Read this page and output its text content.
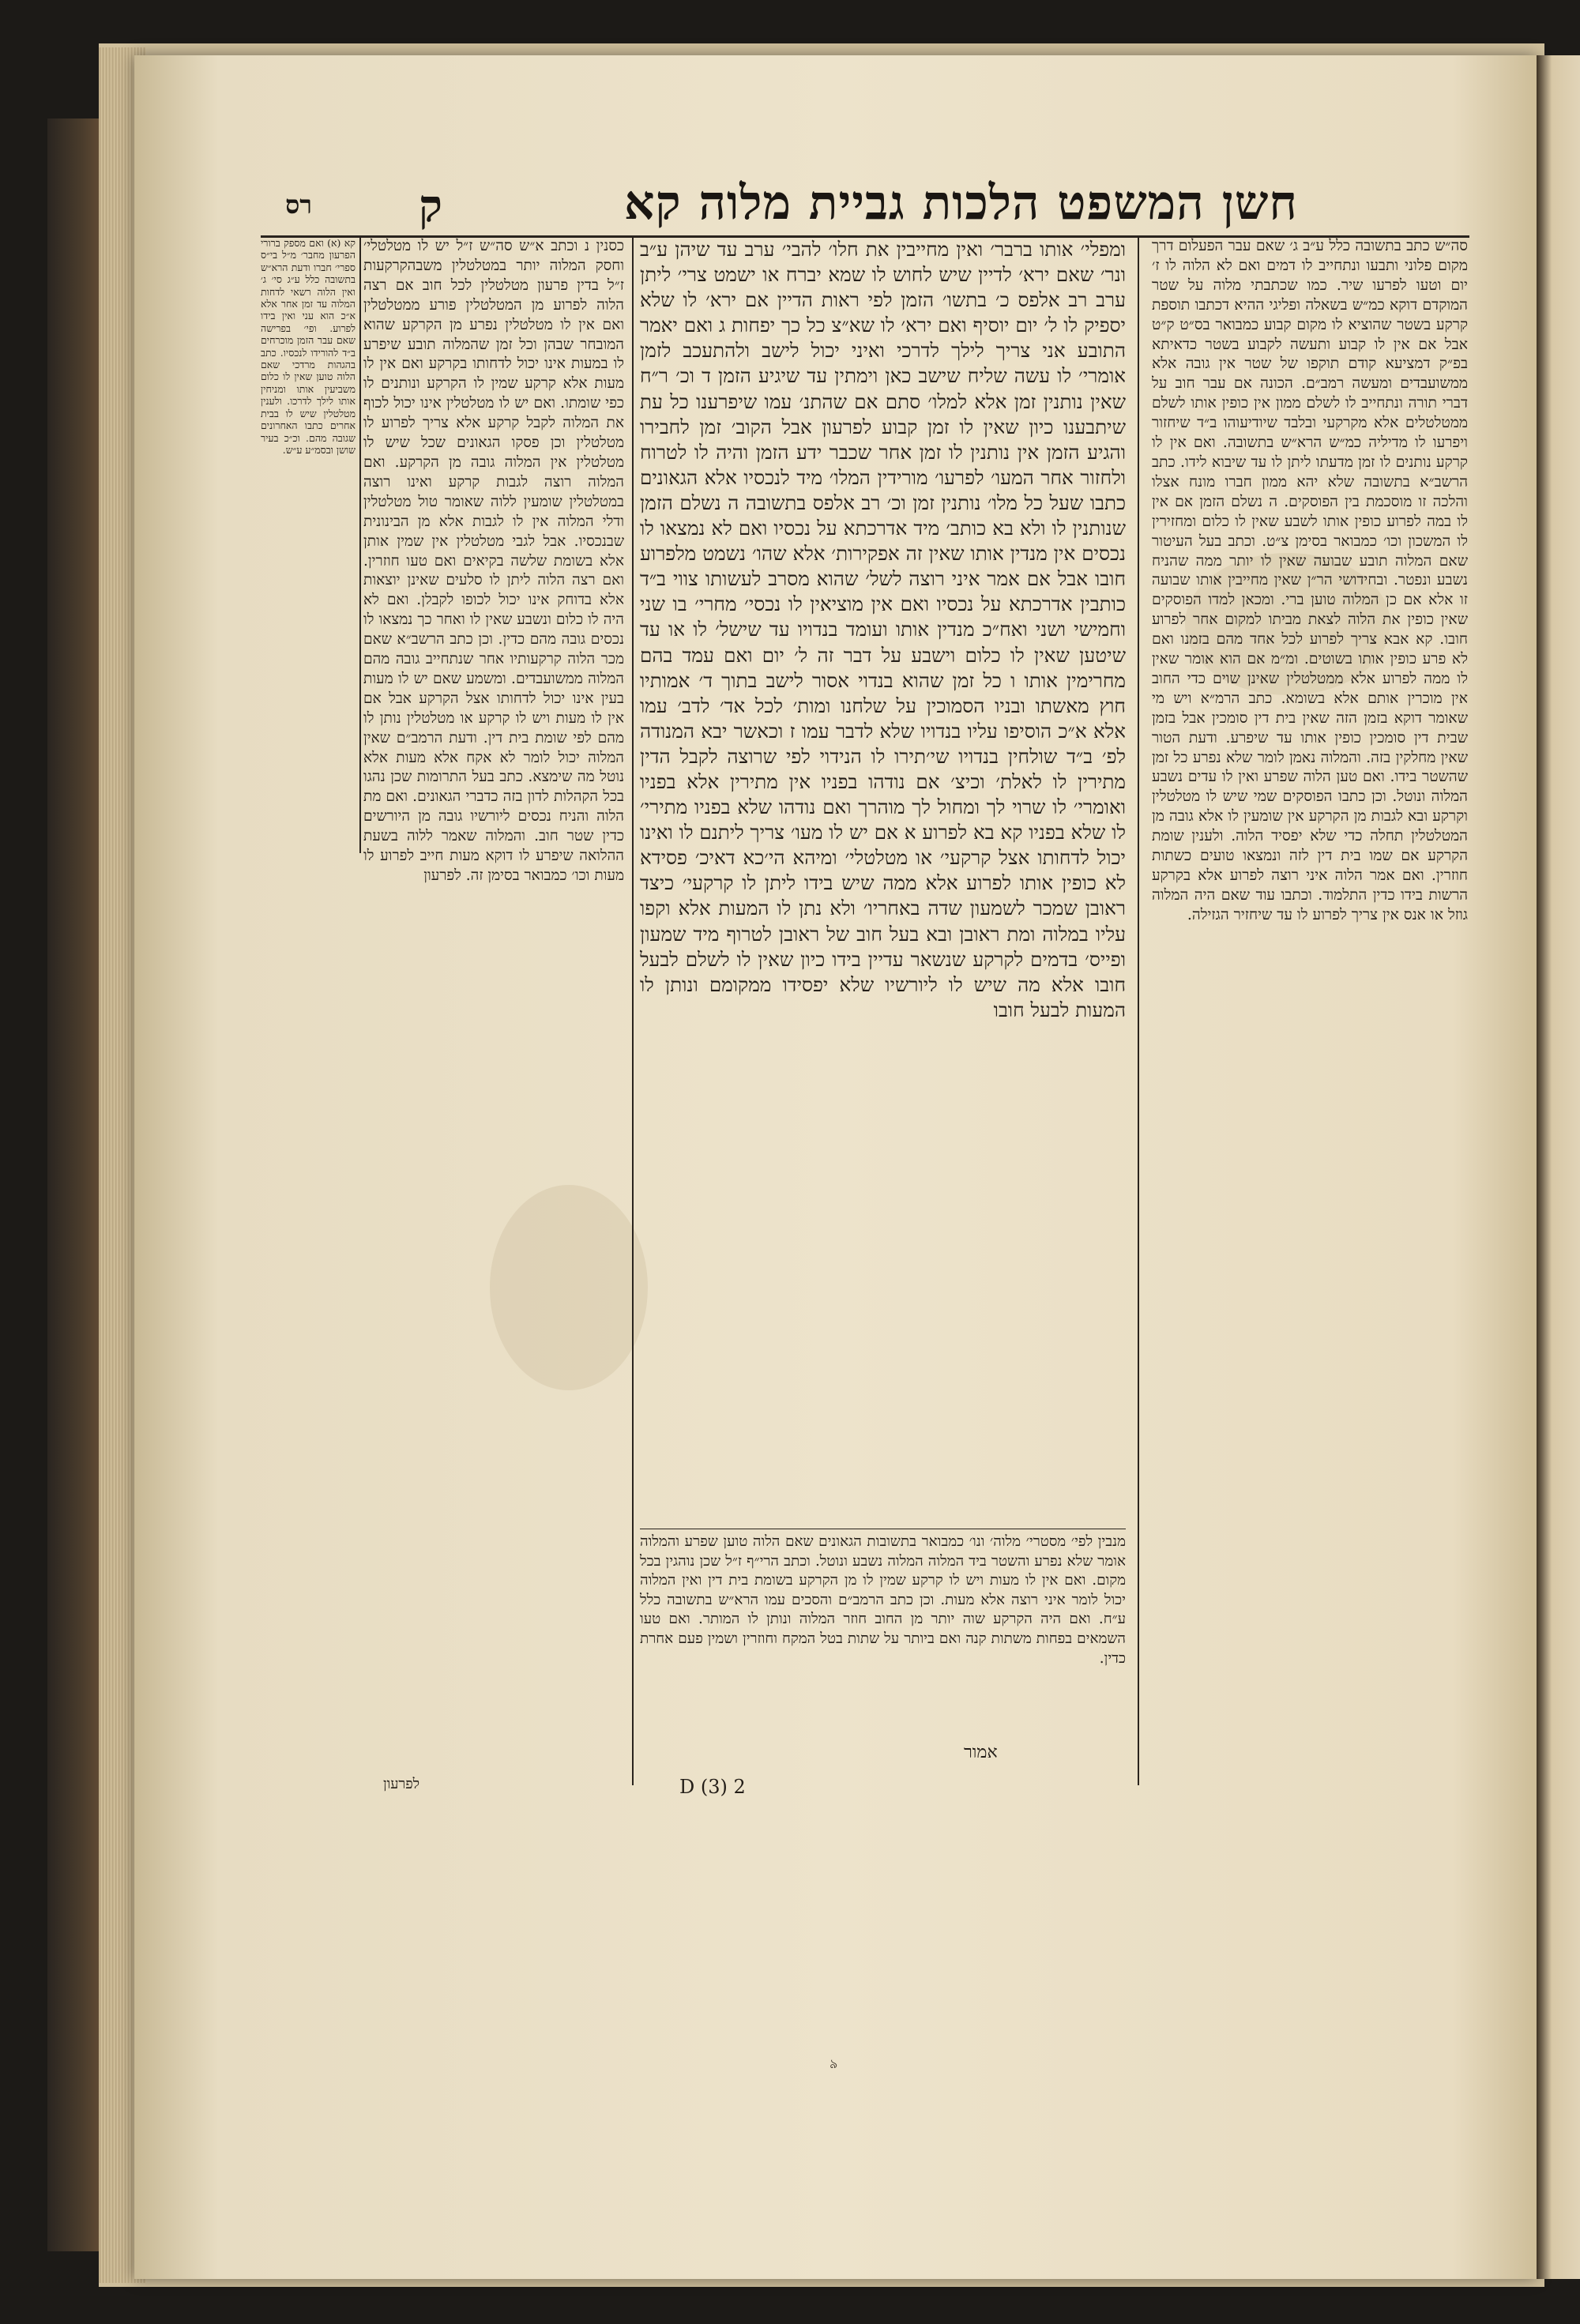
חשן המשפט הלכות גביית מלוה קא
ק
רס
סה״ש כתב בתשובה כלל ע״ב ג׳ שאם עבר הפעלום דרך מקום פלוני ותבעו ונתחייב לו דמים ואם לא הלוה לו ז׳ יום וטעו לפרעו שיר. כמו שכתבתי מלוה על שטר המוקדם דוקא כמ״ש בשאלה ופליגי ההיא דכתבו תוספת קרקע בשטר שהוציא לו מקום קבוע כמבואר בס״ט ק״ט אבל אם אין לו קבוע ותעשה לקבוע בשטר כדאיתא בפ״ק דמציעא קודם תוקפו של שטר אין גובה אלא ממשועבדים ומעשה רמב״ם. הכונה אם עבר חוב על דברי תורה ונתחייב לו לשלם ממון אין כופין אותו לשלם ממטלטלים אלא מקרקעי ובלבד שיודיעוהו ב״ד שיחזור ויפרעו לו מדיליה כמ״ש הרא״ש בתשובה. ואם אין לו קרקע נותנים לו זמן מדעתו ליתן לו עד שיבוא לידו. כתב הרשב״א בתשובה שלא יהא ממון חברו מונח אצלו והלכה זו מוסכמת בין הפוסקים. ה נשלם הזמן אם אין לו במה לפרוע כופין אותו לשבע שאין לו כלום ומחזירין לו המשכון וכו׳ כמבואר בסימן צ״ט. וכתב בעל העיטור שאם המלוה תובע שבועה שאין לו יותר ממה שהניח נשבע ונפטר. ובחידושי הר״ן שאין מחייבין אותו שבועה זו אלא אם כן המלוה טוען ברי. ומכאן למדו הפוסקים שאין כופין את הלוה לצאת מביתו למקום אחר לפרוע חובו. קא אבא צריך לפרוע לכל אחד מהם בזמנו ואם לא פרע כופין אותו בשוטים. ומ״מ אם הוא אומר שאין לו ממה לפרוע אלא ממטלטלין שאינן שוים כדי החוב אין מוכרין אותם אלא בשומא. כתב הרמ״א ויש מי שאומר דוקא בזמן הזה שאין בית דין סומכין אבל בזמן שבית דין סומכין כופין אותו עד שיפרע. ודעת הטור שאין מחלקין בזה. והמלוה נאמן לומר שלא נפרע כל זמן שהשטר בידו. ואם טען הלוה שפרע ואין לו עדים נשבע המלוה ונוטל. וכן כתבו הפוסקים שמי שיש לו מטלטלין וקרקע ובא לגבות מן הקרקע אין שומעין לו אלא גובה מן המטלטלין תחלה כדי שלא יפסיד הלוה. ולענין שומת הקרקע אם שמו בית דין לזה ונמצאו טועים כשתות חוזרין. ואם אמר הלוה איני רוצה לפרוע אלא בקרקע הרשות בידו כדין התלמוד. וכתבו עוד שאם היה המלוה גוזל או אנס אין צריך לפרוע לו עד שיחזיר הגזילה.
ומפלי׳ אותו ברבר׳ ואין מחייבין את חלו׳ להבי׳ ערב עד שיהן ע״ב ונר׳ שאם ירא׳ לדיין שיש לחוש לו שמא יברח או ישמט צרי׳ ליתן ערב רב אלפס כ׳ בתשו׳ הזמן לפי ראות הדיין אם ירא׳ לו שלא יספיק לו ל׳ יום יוסיף ואם ירא׳ לו שא״צ כל כך יפחות ג ואם יאמר התובע אני צריך לילך לדרכי ואיני יכול לישב ולהתעכב לזמן אומרי׳ לו עשה שליח שישב כאן וימתין עד שיגיע הזמן ד וכ׳ ר״ח שאין נותנין זמן אלא למלו׳ סתם אם שהתנ׳ עמו שיפרענו כל עת שיתבענו כיון שאין לו זמן קבוע לפרעון אבל הקוב׳ זמן לחבירו והגיע הזמן אין נותנין לו זמן אחר שכבר ידע הזמן והיה לו לטרוח ולחזור אחר המעו׳ לפרעו׳ מורידין המלו׳ מיד לנכסיו אלא הגאונים כתבו שעל כל מלו׳ נותנין זמן וכ׳ רב אלפס בתשובה ה נשלם הזמן שנותנין לו ולא בא כותב׳ מיד אדרכתא על נכסיו ואם לא נמצאו לו נכסים אין מנדין אותו שאין זה אפקירות׳ אלא שהו׳ נשמט מלפרוע חובו אבל אם אמר איני רוצה לשל׳ שהוא מסרב לעשותו צווי ב״ד כותבין אדרכתא על נכסיו ואם אין מוציאין לו נכסי׳ מחרי׳ בו שני וחמישי ושני ואח״כ מנדין אותו ועומד בנדויו עד שישל׳ לו או עד שיטען שאין לו כלום וישבע על דבר זה ל׳ יום ואם עמד בהם מחרימין אותו ו כל זמן שהוא בנדוי אסור לישב בתוך ד׳ אמותיו חוץ מאשתו ובניו הסמוכין על שלחנו ומות׳ לכל אד׳ לדב׳ עמו אלא א״כ הוסיפו עליו בנדויו שלא לדבר עמו ז וכאשר יבא המנודה לפ׳ ב״ד שולחין בנדויו שי׳תירו לו הנידוי לפי שרוצה לקבל הדין מתירין לו לאלת׳ וכיצ׳ אם נודהו בפניו אין מתירין אלא בפניו ואומרי׳ לו שרוי לך ומחול לך מוהרך ואם נודהו שלא בפניו מתירי׳ לו שלא בפניו קא בא לפרוע א אם יש לו מעו׳ צריך ליתנם לו ואינו יכול לדחותו אצל קרקעי׳ או מטלטלי׳ ומיהא הי׳כא דאיכ׳ פסידא לא כופין אותו לפרוע אלא ממה שיש בידו ליתן לו קרקעי׳ כיצד ראובן שמכר לשמעון שדה באחריו׳ ולא נתן לו המעות אלא וקפו עליו במלוה ומת ראובן ובא בעל חוב של ראובן לטרוף מיד שמעון ופייס׳ בדמים לקרקע שנשאר עדיין בידו כיון שאין לו לשלם לבעל חובו אלא מה שיש לו ליורשיו שלא יפסידו ממקומם ונותן לו המעות לבעל חובו
כסנין נ וכתב א״ש סה״ש ז״ל יש לו מטלטלי׳ וחסק המלוה יותר במטלטלין משבהקרקעות ז״ל בדין פרעון מטלטלין לכל חוב אם רצה הלוה לפרוע מן המטלטלין פורע ממטלטלין ואם אין לו מטלטלין נפרע מן הקרקע שהוא המובחר שבהן וכל זמן שהמלוה תובע שיפרע לו במעות אינו יכול לדחותו בקרקע ואם אין לו מעות אלא קרקע שמין לו הקרקע ונותנים לו כפי שומתו. ואם יש לו מטלטלין אינו יכול לכוף את המלוה לקבל קרקע אלא צריך לפרוע לו מטלטלין וכן פסקו הגאונים שכל שיש לו מטלטלין אין המלוה גובה מן הקרקע. ואם המלוה רוצה לגבות קרקע ואינו רוצה במטלטלין שומעין ללוה שאומר טול מטלטלין ודלי המלוה אין לו לגבות אלא מן הבינונית שבנכסיו. אבל לגבי מטלטלין אין שמין אותן אלא בשומת שלשה בקיאים ואם טעו חוזרין. ואם רצה הלוה ליתן לו סלעים שאינן יוצאות אלא בדוחק אינו יכול לכופו לקבלן. ואם לא היה לו כלום ונשבע שאין לו ואחר כך נמצאו לו נכסים גובה מהם כדין. וכן כתב הרשב״א שאם מכר הלוה קרקעותיו אחר שנתחייב גובה מהם המלוה ממשועבדים. ומשמע שאם יש לו מעות בעין אינו יכול לדחותו אצל הקרקע אבל אם אין לו מעות ויש לו קרקע או מטלטלין נותן לו מהם לפי שומת בית דין. ודעת הרמב״ם שאין המלוה יכול לומר לא אקח אלא מעות אלא נוטל מה שימצא. כתב בעל התרומות שכן נהגו בכל הקהלות לדון בזה כדברי הגאונים. ואם מת הלוה והניח נכסים ליורשיו גובה מן היורשים כדין שטר חוב. והמלוה שאמר ללוה בשעת ההלואה שיפרע לו דוקא מעות חייב לפרוע לו מעות וכו׳ כמבואר בסימן זה. לפרעון
קא (א) ואם מספק ברורי הפרעון מחבר׳ מ״ל בי״ס ספרי׳ חברו ודעת הרא״ש בתשובה כלל ע״ג סי׳ ג׳ ואין הלוה רשאי לדחות המלוה עד זמן אחר אלא א״כ הוא עני ואין בידו לפרוע. ופי׳ בפרישה שאם עבר הזמן מוכרחים ב״ד להורידו לנכסיו. כתב בהגהות מרדכי שאם הלוה טוען שאין לו כלום משביעין אותו ומניחין אותו לילך לדרכו. ולענין מטלטלין שיש לו בבית אחרים כתבו האחרונים שגובה מהם. וכ״כ בעיר שושן ובסמ״ע ע״ש.
מנבין לפי׳ מסטרי׳ מלוה׳ ונו׳ כמבואר בתשובות הגאונים שאם הלוה טוען שפרע והמלוה אומר שלא נפרע והשטר ביד המלוה המלוה נשבע ונוטל. וכתב הרי״ף ז״ל שכן נוהגין בכל מקום. ואם אין לו מעות ויש לו קרקע שמין לו מן הקרקע בשומת בית דין ואין המלוה יכול לומר איני רוצה אלא מעות. וכן כתב הרמב״ם והסכים עמו הרא״ש בתשובה כלל ע״ח. ואם היה הקרקע שוה יותר מן החוב חוזר המלוה ונותן לו המותר. ואם טעו השמאים בפחות משתות קנה ואם ביותר על שתות בטל המקח וחוזרין ושמין פעם אחרת כדין.
אמור
D (3) 2
לפרעון
৯
